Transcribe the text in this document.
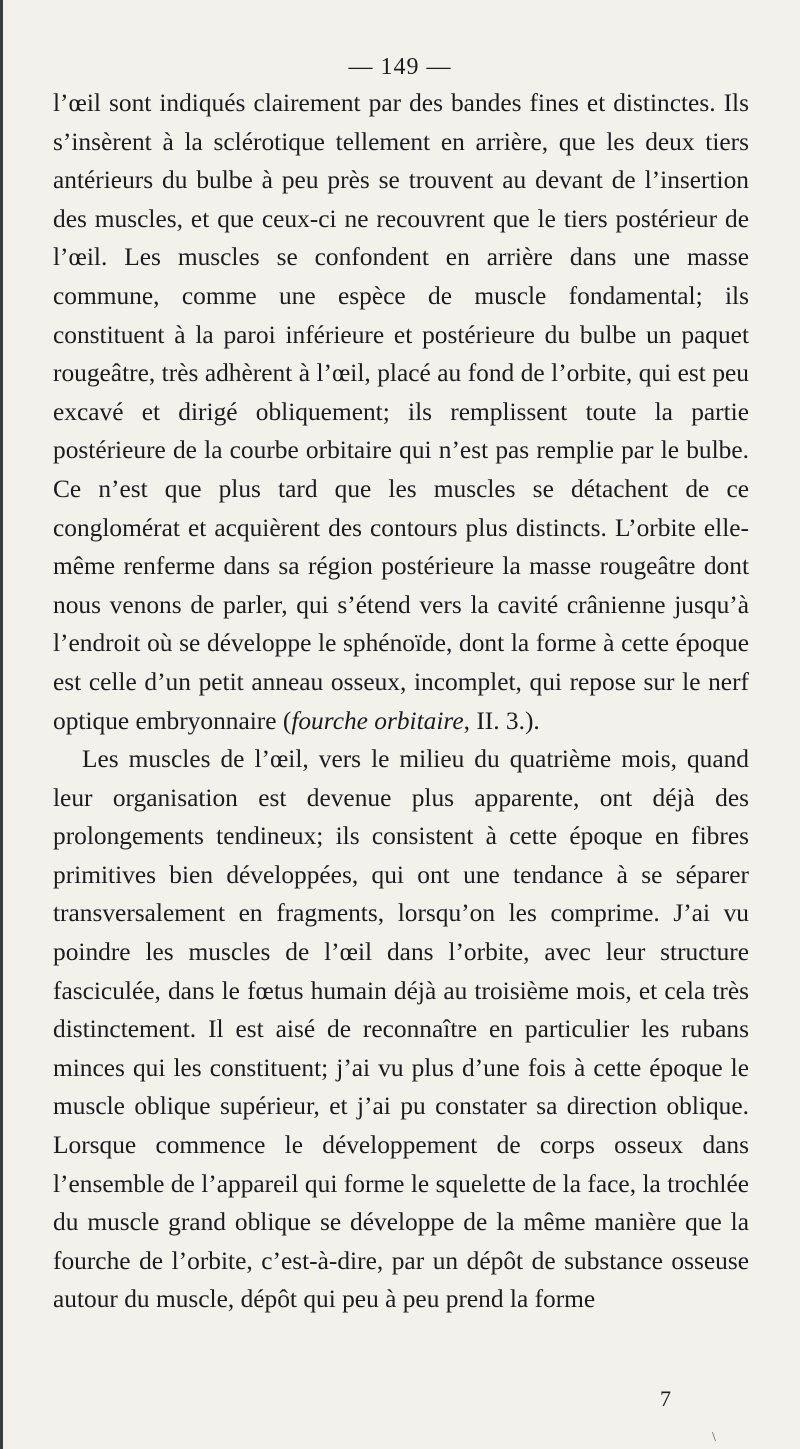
— 149 —

l’œil sont indiqués clairement par des bandes fines et distinctes. Ils s’insèrent à la sclérotique tellement en arrière, que les deux tiers antérieurs du bulbe à peu près se trouvent au devant de l’insertion des muscles, et que ceux-ci ne recouvrent que le tiers postérieur de l’œil. Les muscles se confondent en arrière dans une masse commune, comme une espèce de muscle fondamental; ils constituent à la paroi inférieure et postérieure du bulbe un paquet rougeâtre, très adhèrent à l’œil, placé au fond de l’orbite, qui est peu excavé et dirigé obliquement; ils remplissent toute la partie postérieure de la courbe orbitaire qui n’est pas remplie par le bulbe. Ce n’est que plus tard que les muscles se détachent de ce conglomérat et acquièrent des contours plus distincts. L’orbite elle-même renferme dans sa région postérieure la masse rougeâtre dont nous venons de parler, qui s’étend vers la cavité crânienne jusqu’à l’endroit où se développe le sphénoïde, dont la forme à cette époque est celle d’un petit anneau osseux, incomplet, qui repose sur le nerf optique embryonnaire (fourche orbitaire, II. 3.).

Les muscles de l’œil, vers le milieu du quatrième mois, quand leur organisation est devenue plus apparente, ont déjà des prolongements tendineux; ils consistent à cette époque en fibres primitives bien développées, qui ont une tendance à se séparer transversalement en fragments, lorsqu’on les comprime. J’ai vu poindre les muscles de l’œil dans l’orbite, avec leur structure fasciculée, dans le fœtus humain déjà au troisième mois, et cela très distinctement. Il est aisé de reconnaître en particulier les rubans minces qui les constituent; j’ai vu plus d’une fois à cette époque le muscle oblique supérieur, et j’ai pu constater sa direction oblique. Lorsque commence le développement de corps osseux dans l’ensemble de l’appareil qui forme le squelette de la face, la trochlée du muscle grand oblique se développe de la même manière que la fourche de l’orbite, c’est-à-dire, par un dépôt de substance osseuse autour du muscle, dépôt qui peu à peu prend la forme

7
\
